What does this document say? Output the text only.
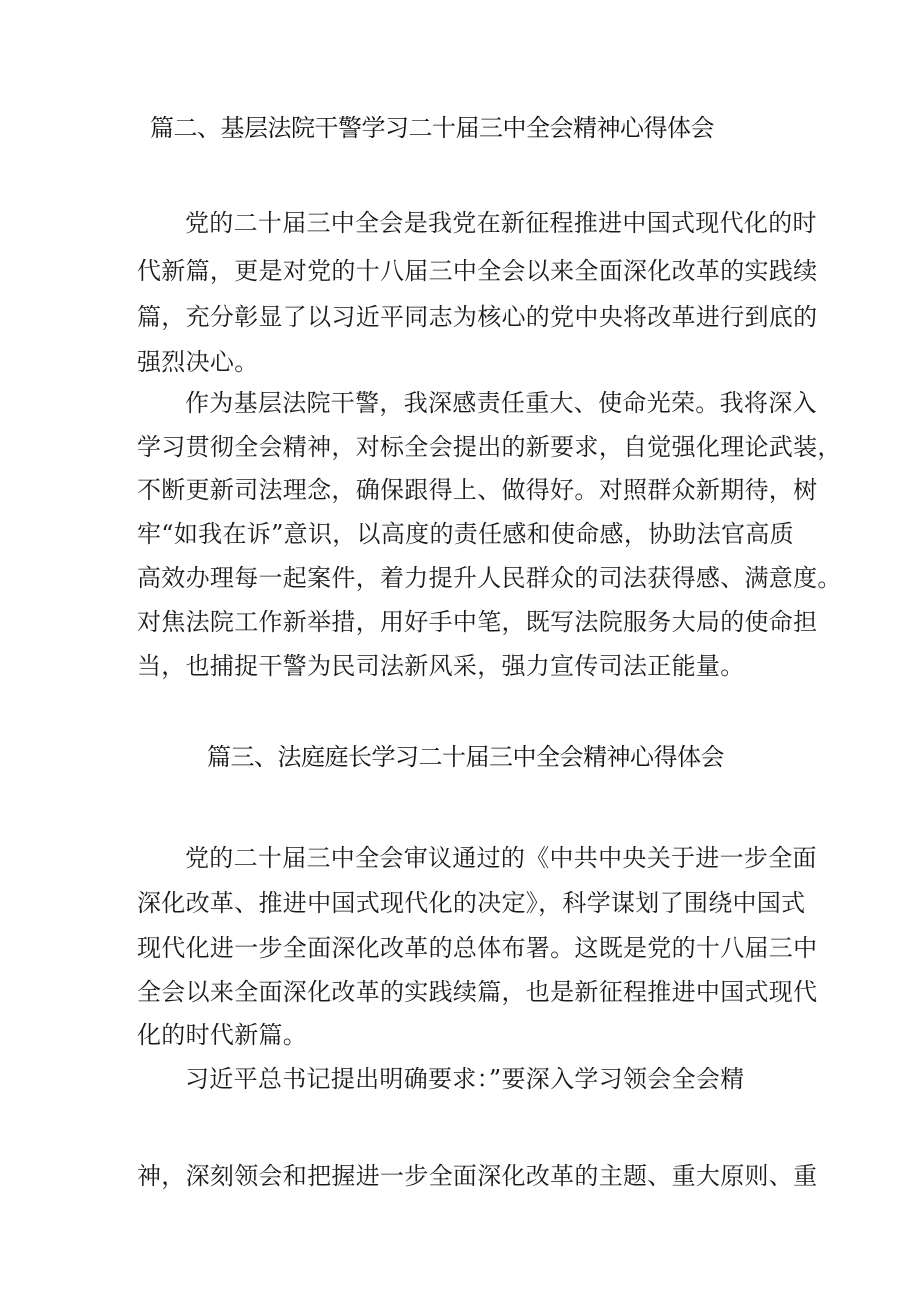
篇二、基层法院干警学习二十届三中全会精神心得体会
党的二十届三中全会是我党在新征程推进中国式现代化的时
代新篇，更是对党的十八届三中全会以来全面深化改革的实践续
篇，充分彰显了以习近平同志为核心的党中央将改革进行到底的
强烈决心。
作为基层法院干警，我深感责任重大、使命光荣。我将深入
学习贯彻全会精神，对标全会提出的新要求，自觉强化理论武装，
不断更新司法理念，确保跟得上、做得好。对照群众新期待，树
牢“如我在诉”意识，以高度的责任感和使命感，协助法官高质
高效办理每一起案件，着力提升人民群众的司法获得感、满意度。
对焦法院工作新举措，用好手中笔，既写法院服务大局的使命担
当，也捕捉干警为民司法新风采，强力宣传司法正能量。
篇三、法庭庭长学习二十届三中全会精神心得体会
党的二十届三中全会审议通过的《中共中央关于进一步全面
深化改革、推进中国式现代化的决定》，科学谋划了围绕中国式
现代化进一步全面深化改革的总体布署。这既是党的十八届三中
全会以来全面深化改革的实践续篇，也是新征程推进中国式现代
化的时代新篇。
习近平总书记提出明确要求：”要深入学习领会全会精
神，深刻领会和把握进一步全面深化改革的主题、重大原则、重
